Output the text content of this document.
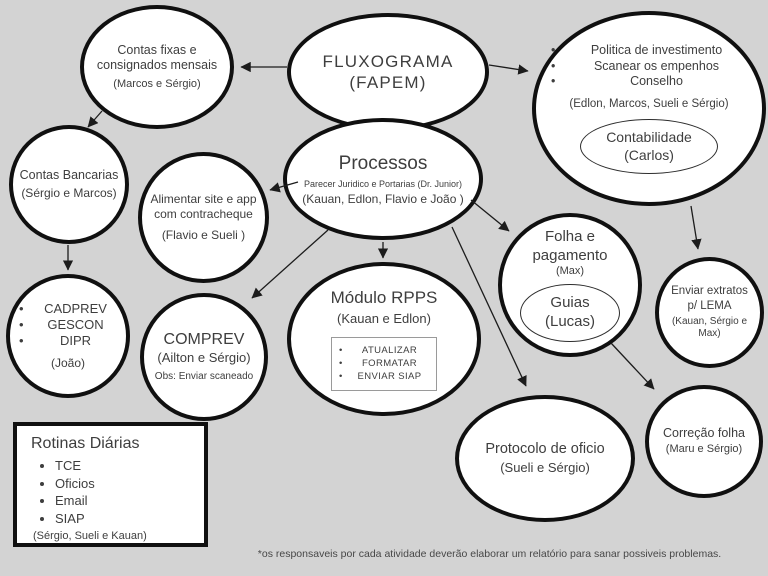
FLUXOGRAMA
(FAPEM)
Contas fixas e
consignados mensais
(Marcos e Sérgio)
•	Politica de investimento
•	Scanear os empenhos
•	Conselho
(Edlon, Marcos, Sueli e Sérgio)
Contabilidade
(Carlos)
Contas Bancarias
(Sérgio e Marcos)	Alimentar site e app
com contracheque
(Flavio e Sueli )
Processos
Parecer Juridico e Portarias (Dr. Junior)
(Kauan, Edlon, Flavio e João )
Folha e
pagamento
(Max)
Guias
(Lucas)
Enviar extratos
p/ LEMA
(Kauan, Sérgio e Max)
Módulo RPPS
(Kauan e Edlon)
•	ATUALIZAR
•	FORMATAR
•	ENVIAR SIAP
COMPREV
(Ailton e Sérgio)
Obs: Enviar scaneado
•	CADPREV
•	GESCON
•	DIPR
(João)
Rotinas Diárias
• TCE
• Oficios
• Email
• SIAP
(Sérgio, Sueli e Kauan)
Protocolo de oficio
(Sueli e Sérgio)
Correção folha
(Maru e Sérgio)
*os responsaveis por cada atividade deverão elaborar um relatório para sanar possiveis problemas.
